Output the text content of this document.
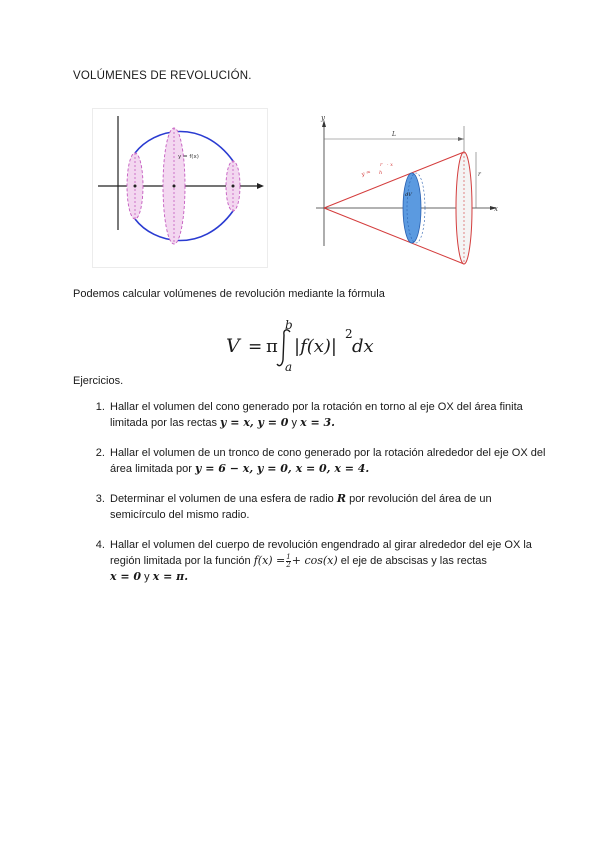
VOLÚMENES DE REVOLUCIÓN.
y = f(x)
y
x
L
r
dV
y =
r
h
· x
Podemos calcular volúmenes de revolución mediante la fórmula
V = π
b
a
|f(x)|
2
dx
Ejercicios.
1. Hallar el volumen del cono generado por la rotación en torno al eje OX del área finita limitada por las rectas y = x, y = 0 y x = 3.
2. Hallar el volumen de un tronco de cono generado por la rotación alrededor del eje OX del área limitada por y = 6 − x, y = 0, x = 0, x = 4.
3. Determinar el volumen de una esfera de radio R por revolución del área de un semicírculo del mismo radio.
4. Hallar el volumen del cuerpo de revolución engendrado al girar alrededor del eje OX la región limitada por la función $f(x) = \frac{1}{2} + \cos(x)$ el eje de abscisas y las rectas
x = 0 y x = π.
